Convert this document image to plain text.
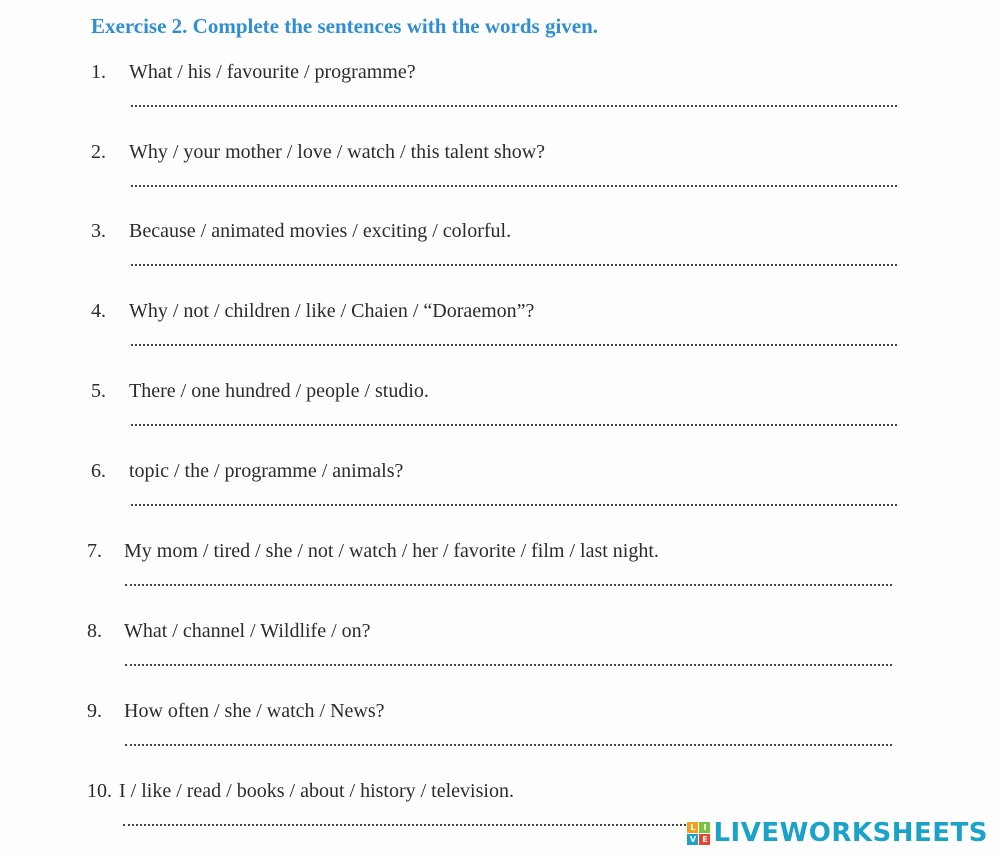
Exercise 2. Complete the sentences with the words given.
1. What / his / favourite / programme?
2. Why / your mother / love / watch / this talent show?
3. Because / animated movies / exciting / colorful.
4. Why / not / children / like / Chaien / “Doraemon”?
5. There / one hundred / people / studio.
6. topic / the / programme / animals?
7. My mom / tired / she / not / watch / her / favorite / film / last night.
8. What / channel / Wildlife / on?
9. How often / she / watch / News?
10. I / like / read / books / about / history / television.
L I
V E LIVEWORKSHEETS
